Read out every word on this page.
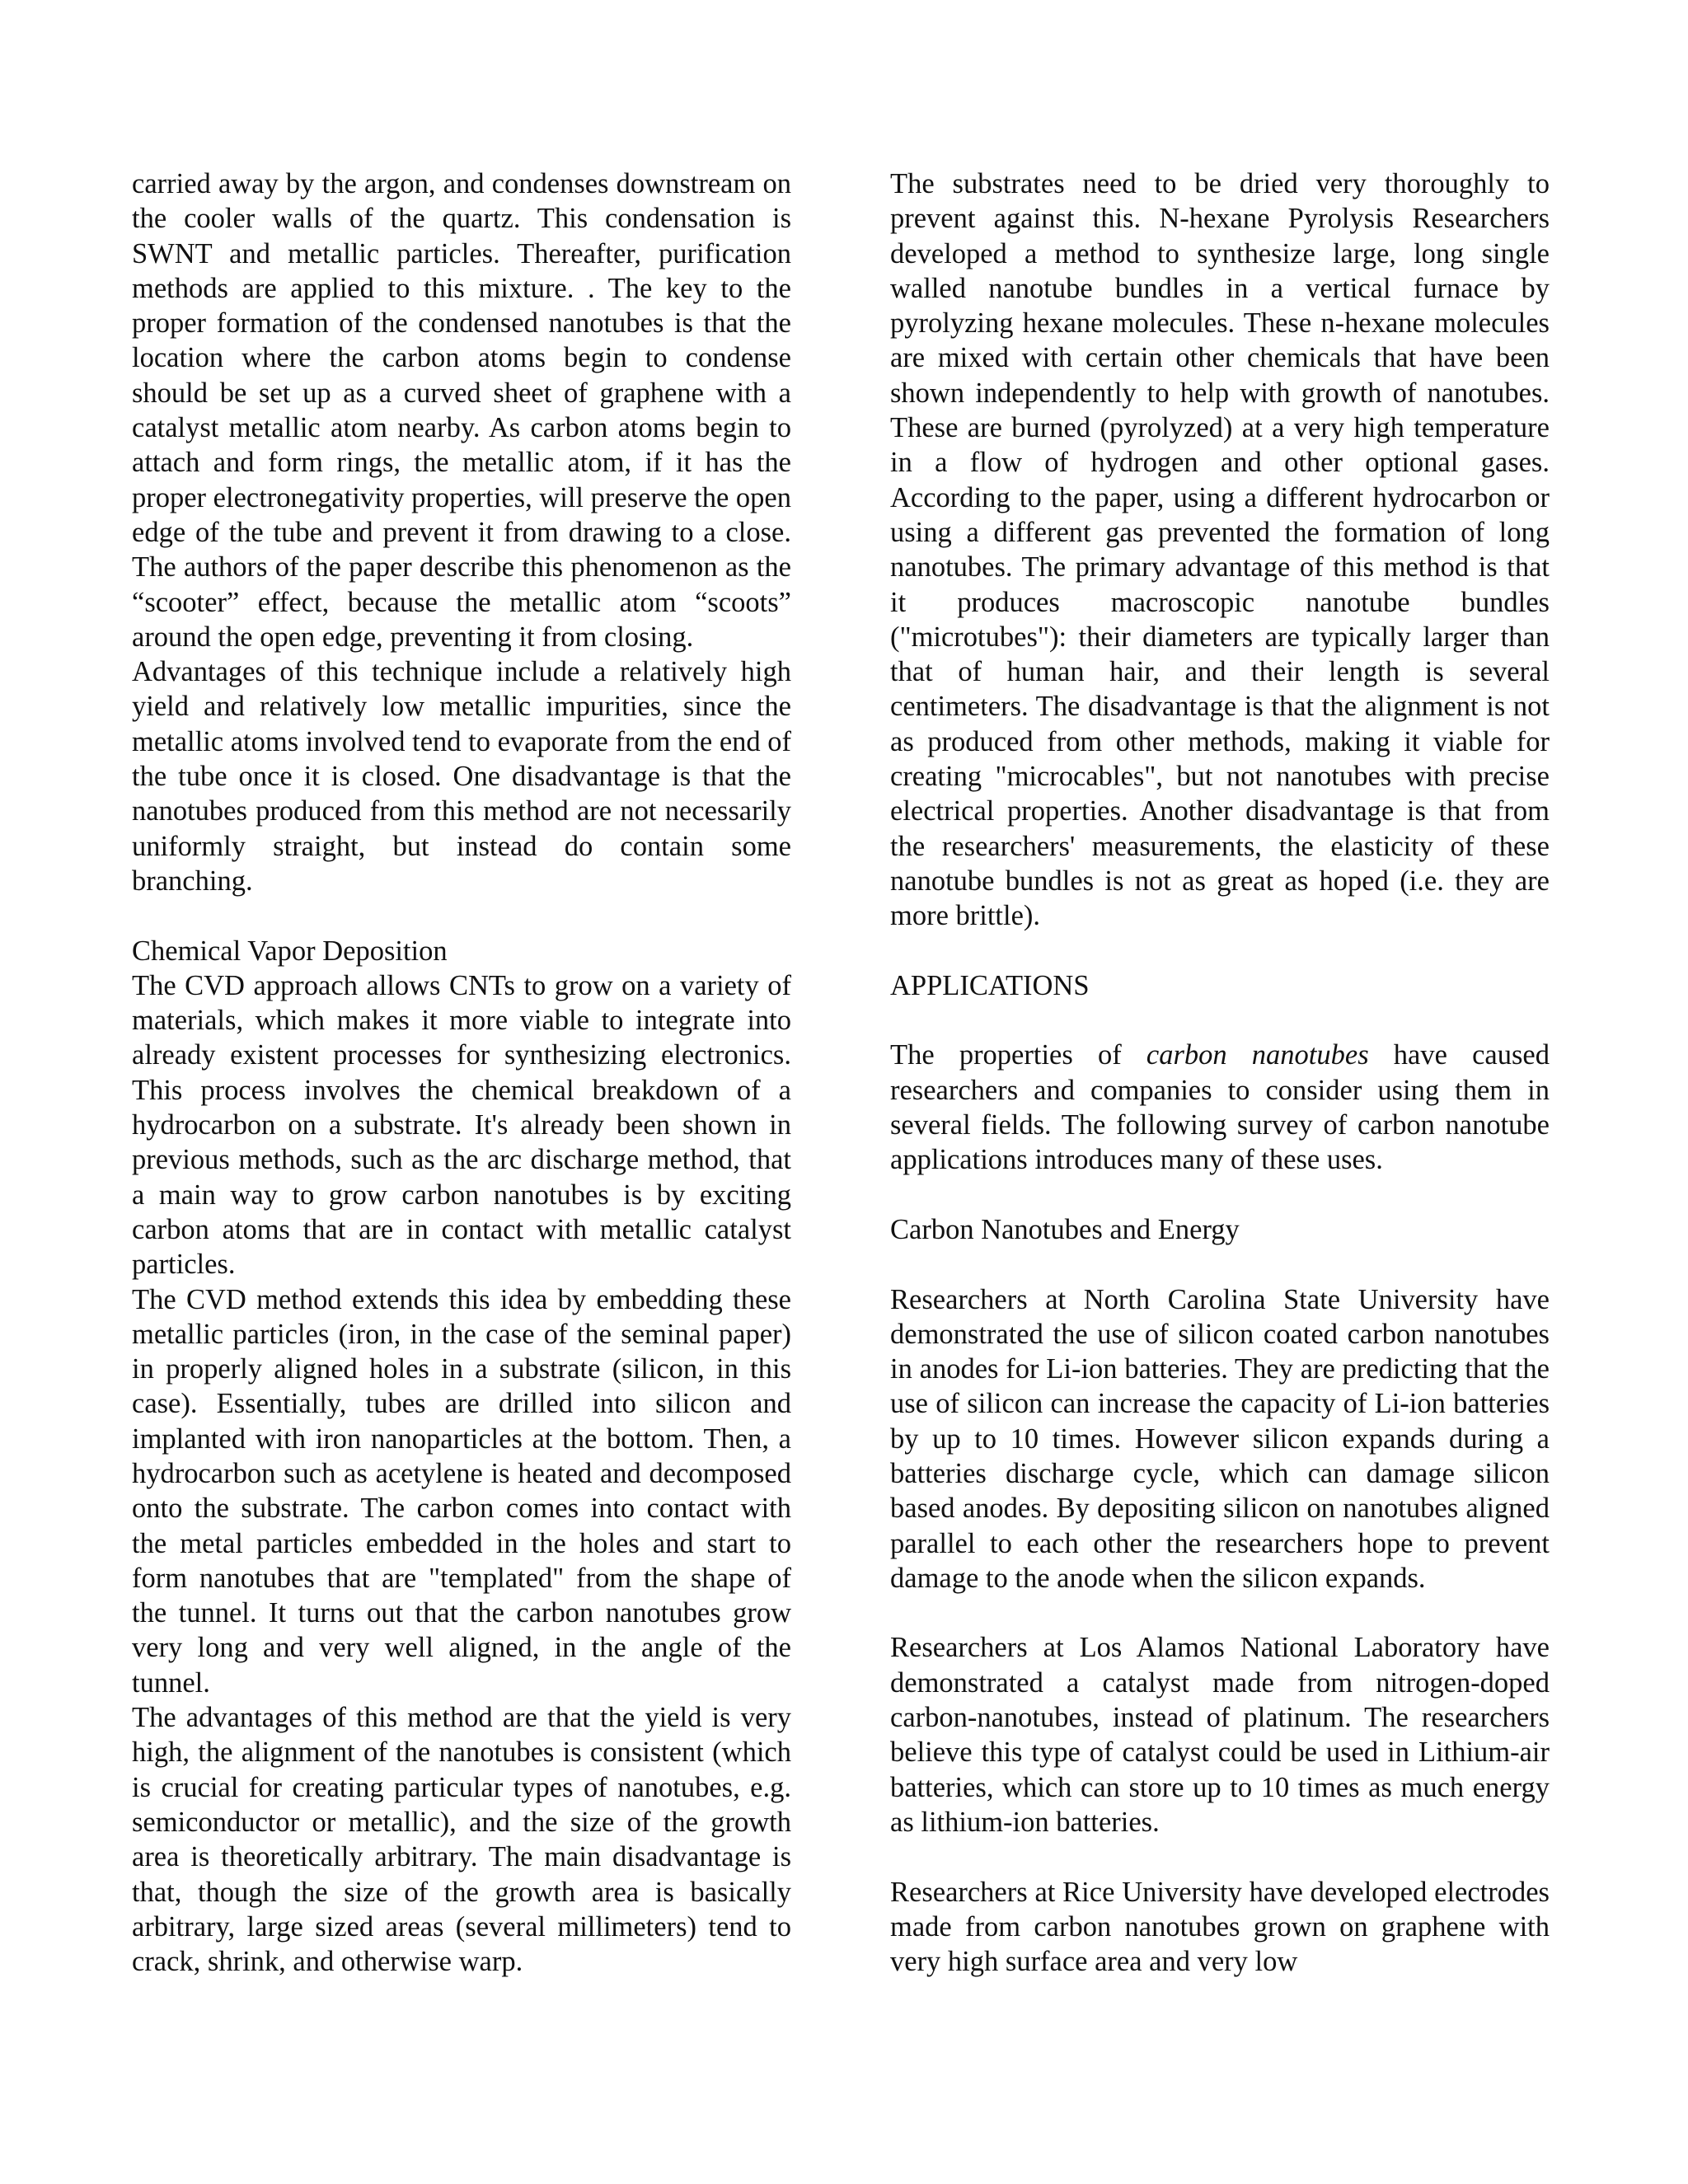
carried away by the argon, and condenses downstream on the cooler walls of the quartz. This condensation is SWNT and metallic particles. Thereafter, purification methods are applied to this mixture. . The key to the proper formation of the condensed nanotubes is that the location where the carbon atoms begin to condense should be set up as a curved sheet of graphene with a catalyst metallic atom nearby. As carbon atoms begin to attach and form rings, the metallic atom, if it has the proper electronegativity properties, will preserve the open edge of the tube and prevent it from drawing to a close. The authors of the paper describe this phenomenon as the “scooter” effect, because the metallic atom “scoots” around the open edge, preventing it from closing.

Advantages of this technique include a relatively high yield and relatively low metallic impurities, since the metallic atoms involved tend to evaporate from the end of the tube once it is closed. One disadvantage is that the nanotubes produced from this method are not necessarily uniformly straight, but instead do contain some branching.

Chemical Vapor Deposition

The CVD approach allows CNTs to grow on a variety of materials, which makes it more viable to integrate into already existent processes for synthesizing electronics. This process involves the chemical breakdown of a hydrocarbon on a substrate. It's already been shown in previous methods, such as the arc discharge method, that a main way to grow carbon nanotubes is by exciting carbon atoms that are in contact with metallic catalyst particles.

The CVD method extends this idea by embedding these metallic particles (iron, in the case of the seminal paper) in properly aligned holes in a substrate (silicon, in this case). Essentially, tubes are drilled into silicon and implanted with iron nanoparticles at the bottom. Then, a hydrocarbon such as acetylene is heated and decomposed onto the substrate. The carbon comes into contact with the metal particles embedded in the holes and start to form nanotubes that are "templated" from the shape of the tunnel. It turns out that the carbon nanotubes grow very long and very well aligned, in the angle of the tunnel.

The advantages of this method are that the yield is very high, the alignment of the nanotubes is consistent (which is crucial for creating particular types of nanotubes, e.g. semiconductor or metallic), and the size of the growth area is theoretically arbitrary. The main disadvantage is that, though the size of the growth area is basically arbitrary, large sized areas (several millimeters) tend to crack, shrink, and otherwise warp.

The substrates need to be dried very thoroughly to prevent against this. N-hexane Pyrolysis Researchers developed a method to synthesize large, long single walled nanotube bundles in a vertical furnace by pyrolyzing hexane molecules. These n-hexane molecules are mixed with certain other chemicals that have been shown independently to help with growth of nanotubes. These are burned (pyrolyzed) at a very high temperature in a flow of hydrogen and other optional gases. According to the paper, using a different hydrocarbon or using a different gas prevented the formation of long nanotubes. The primary advantage of this method is that it produces macroscopic nanotube bundles ("microtubes"): their diameters are typically larger than that of human hair, and their length is several centimeters. The disadvantage is that the alignment is not as produced from other methods, making it viable for creating "microcables", but not nanotubes with precise electrical properties. Another disadvantage is that from the researchers' measurements, the elasticity of these nanotube bundles is not as great as hoped (i.e. they are more brittle).

APPLICATIONS

The properties of carbon nanotubes have caused researchers and companies to consider using them in several fields. The following survey of carbon nanotube applications introduces many of these uses.

Carbon Nanotubes and Energy

Researchers at North Carolina State University have demonstrated the use of silicon coated carbon nanotubes in anodes for Li-ion batteries. They are predicting that the use of silicon can increase the capacity of Li-ion batteries by up to 10 times. However silicon expands during a batteries discharge cycle, which can damage silicon based anodes. By depositing silicon on nanotubes aligned parallel to each other the researchers hope to prevent damage to the anode when the silicon expands.

Researchers at Los Alamos National Laboratory have demonstrated a catalyst made from nitrogen-doped carbon-nanotubes, instead of platinum. The researchers believe this type of catalyst could be used in Lithium-air batteries, which can store up to 10 times as much energy as lithium-ion batteries.

Researchers at Rice University have developed electrodes made from carbon nanotubes grown on graphene with very high surface area and very low
